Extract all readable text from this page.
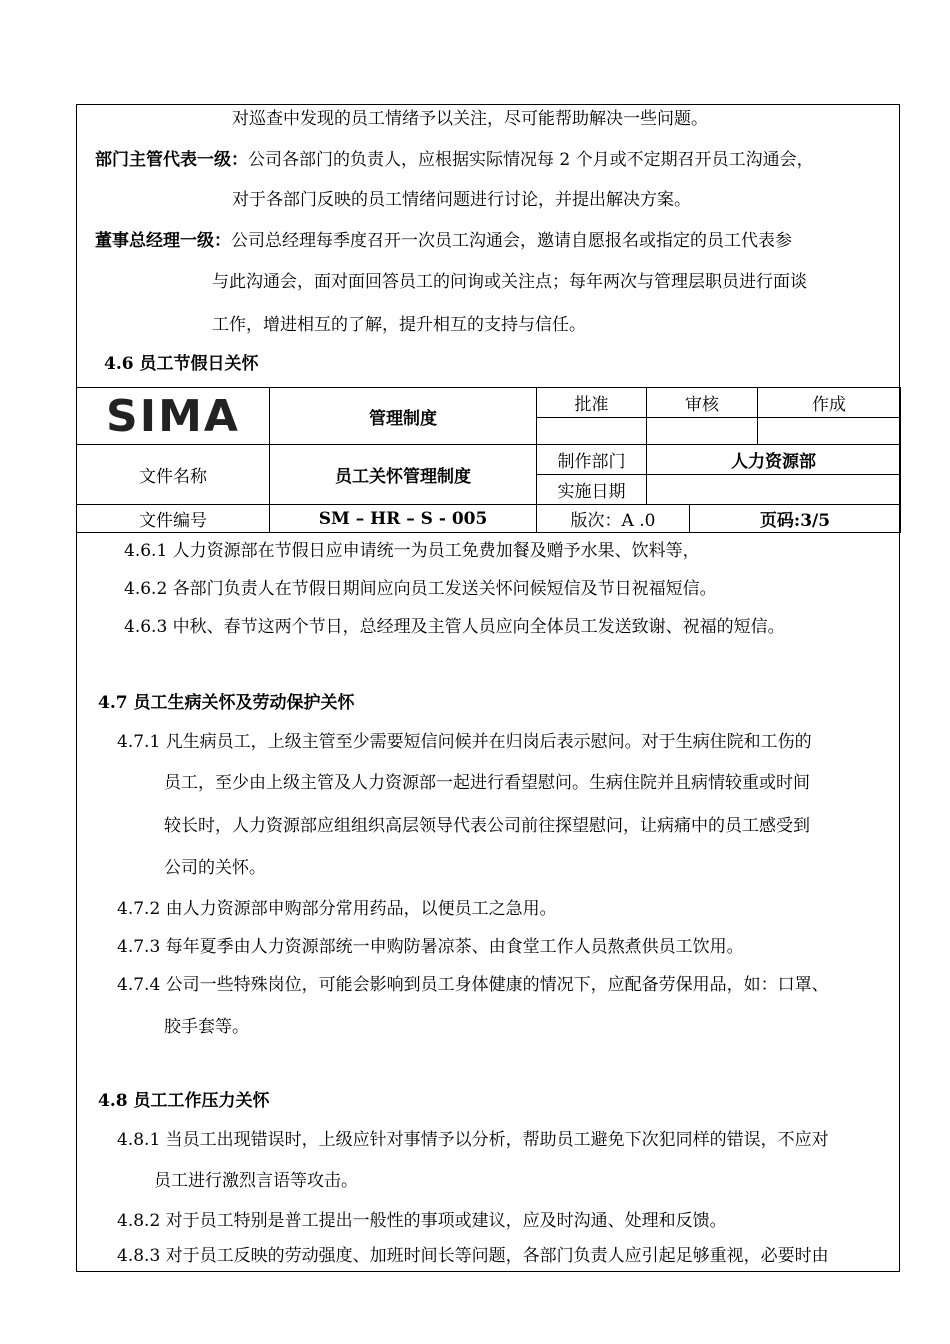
对巡查中发现的员工情绪予以关注，尽可能帮助解决一些问题。
部门主管代表一级：公司各部门的负责人，应根据实际情况每 2 个月或不定期召开员工沟通会，
对于各部门反映的员工情绪问题进行讨论，并提出解决方案。
董事总经理一级：公司总经理每季度召开一次员工沟通会，邀请自愿报名或指定的员工代表参
与此沟通会，面对面回答员工的问询或关注点；每年两次与管理层职员进行面谈
工作，增进相互的了解，提升相互的支持与信任。
4.6 员工节假日关怀
SIMA	管理制度	批准	审核		作成

文件名称	员工关怀管理制度	制作部门	人力资源部		
		实施日期			
文件编号	SM – HR – S - 005	版次：A .0		页码:3/5	
4.6.1 人力资源部在节假日应申请统一为员工免费加餐及赠予水果、饮料等，
4.6.2 各部门负责人在节假日期间应向员工发送关怀问候短信及节日祝福短信。
4.6.3 中秋、春节这两个节日，总经理及主管人员应向全体员工发送致谢、祝福的短信。
4.7 员工生病关怀及劳动保护关怀
4.7.1 凡生病员工，上级主管至少需要短信问候并在归岗后表示慰问。对于生病住院和工伤的
员工，至少由上级主管及人力资源部一起进行看望慰问。生病住院并且病情较重或时间
较长时，人力资源部应组组织高层领导代表公司前往探望慰问，让病痛中的员工感受到
公司的关怀。
4.7.2 由人力资源部申购部分常用药品，以便员工之急用。
4.7.3 每年夏季由人力资源部统一申购防暑凉茶、由食堂工作人员熬煮供员工饮用。
4.7.4 公司一些特殊岗位，可能会影响到员工身体健康的情况下，应配备劳保用品，如：口罩、
胶手套等。
4.8 员工工作压力关怀
4.8.1 当员工出现错误时，上级应针对事情予以分析，帮助员工避免下次犯同样的错误，不应对
员工进行激烈言语等攻击。
4.8.2 对于员工特别是普工提出一般性的事项或建议，应及时沟通、处理和反馈。
4.8.3 对于员工反映的劳动强度、加班时间长等问题，各部门负责人应引起足够重视，必要时由
